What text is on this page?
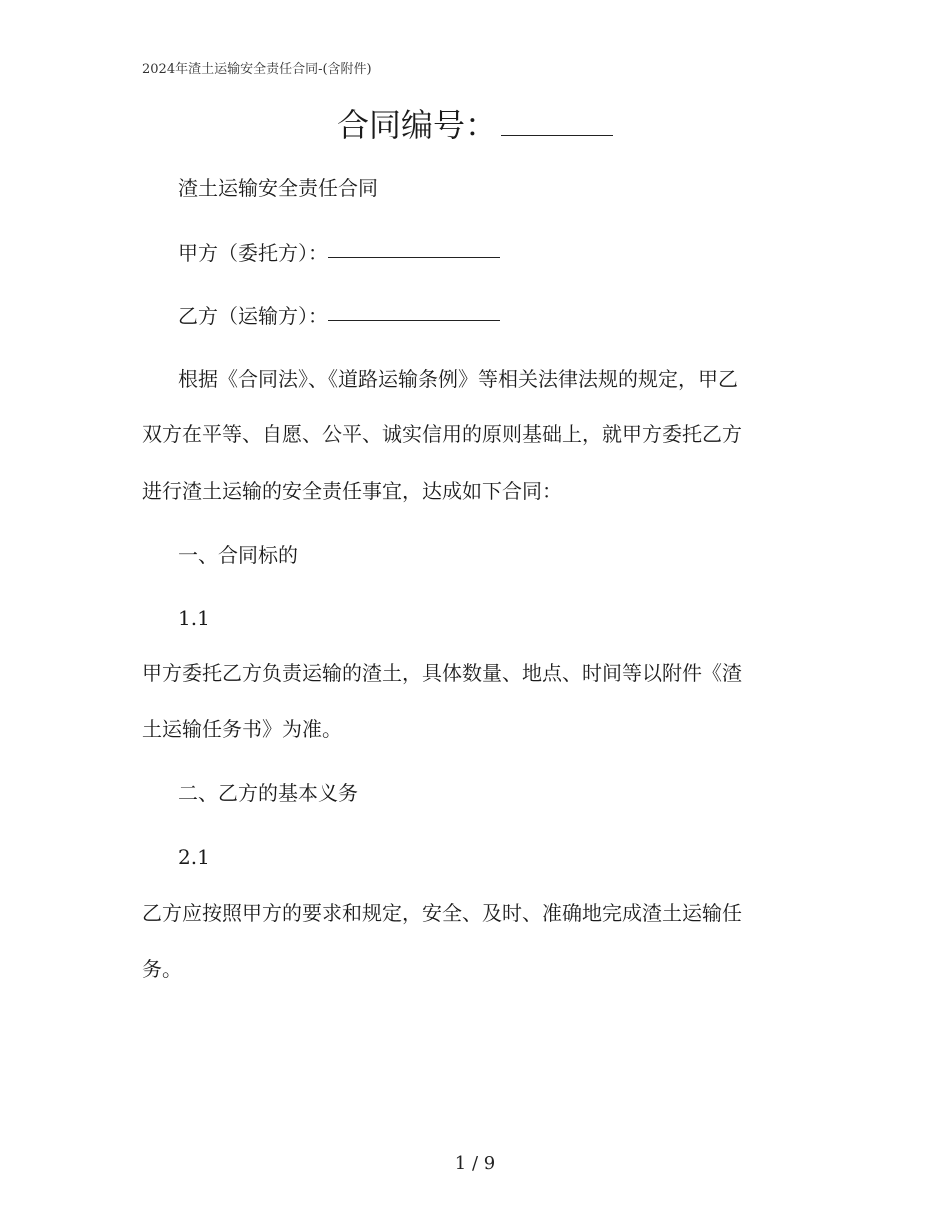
2024年渣土运输安全责任合同-(含附件)
合同编号：
渣土运输安全责任合同
甲方（委托方）：
乙方（运输方）：
根据《合同法》、《道路运输条例》等相关法律法规的规定，甲乙
双方在平等、自愿、公平、诚实信用的原则基础上，就甲方委托乙方
进行渣土运输的安全责任事宜，达成如下合同：
一、合同标的
1.1
甲方委托乙方负责运输的渣土，具体数量、地点、时间等以附件《渣
土运输任务书》为准。
二、乙方的基本义务
2.1
乙方应按照甲方的要求和规定，安全、及时、准确地完成渣土运输任
务。
1 / 9
